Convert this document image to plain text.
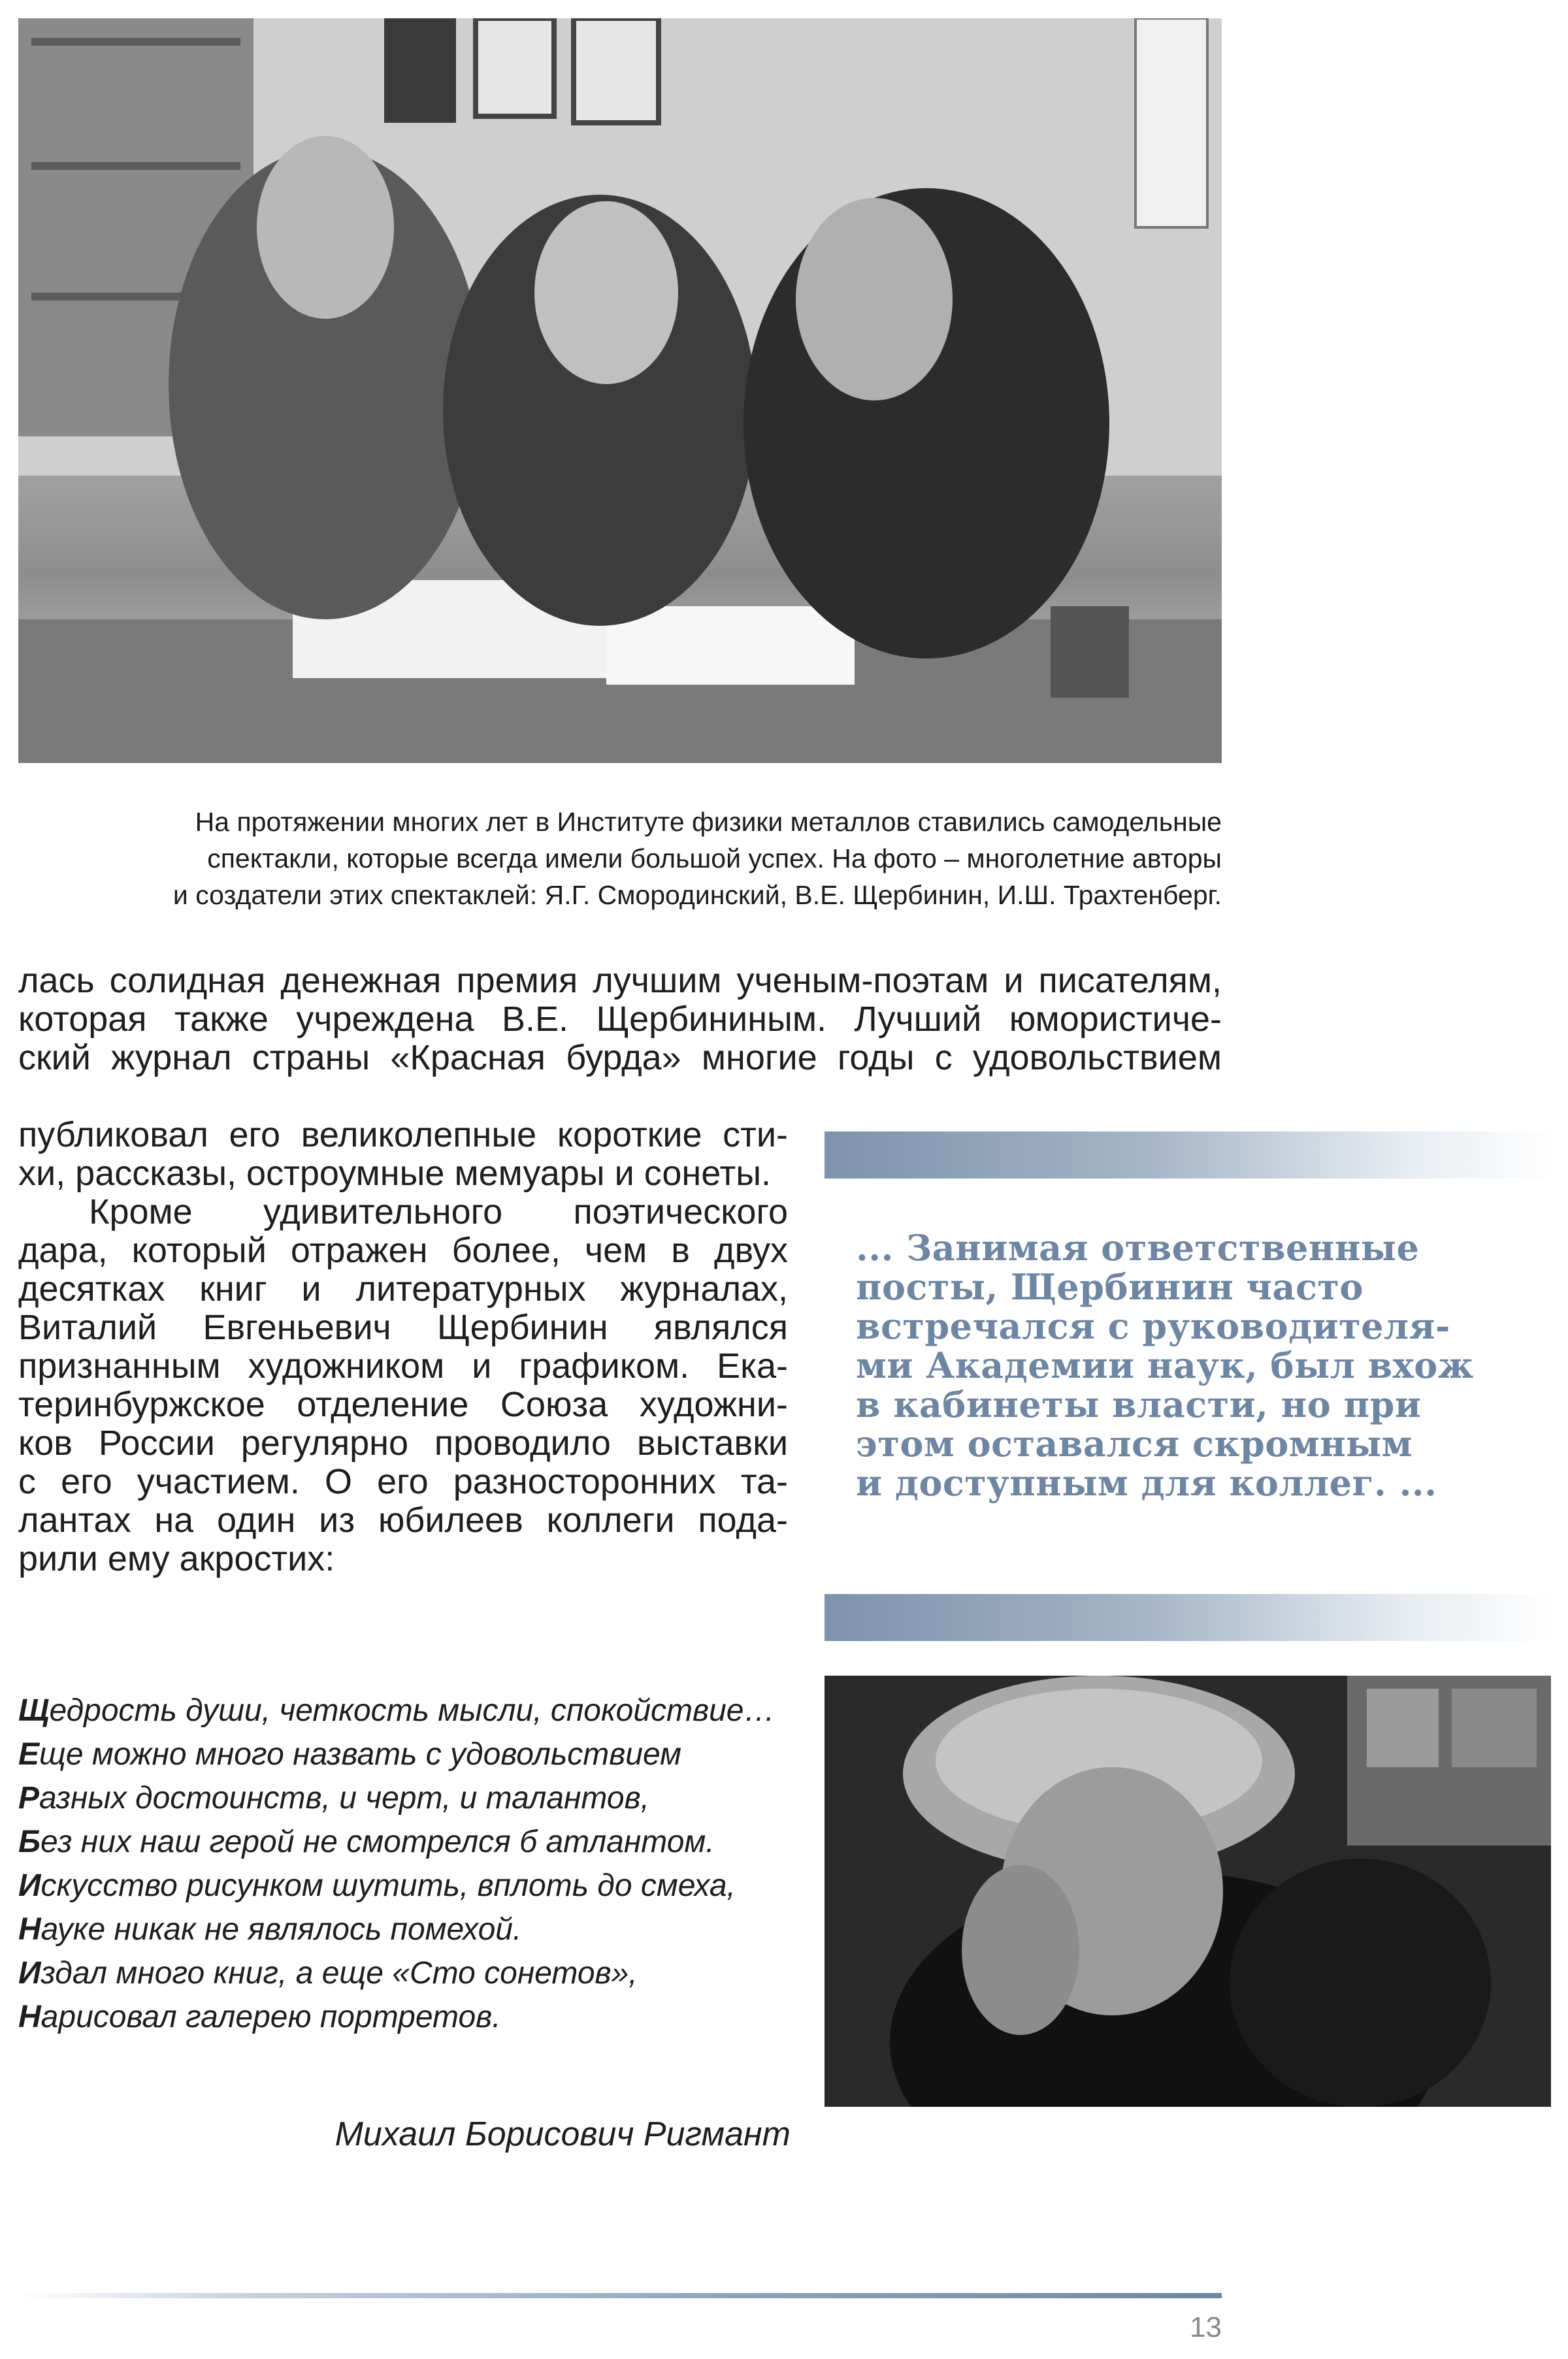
На протяжении многих лет в Институте физики металлов ставились самодельные
спектакли, которые всегда имели большой успех. На фото – многолетние авторы
и создатели этих спектаклей: Я.Г. Смородинский, В.Е. Щербинин, И.Ш. Трахтенберг.
лась солидная денежная премия лучшим ученым-поэтам и писателям,
которая также учреждена В.Е. Щербининым. Лучший юмористиче-
ский журнал страны «Красная бурда» многие годы с удовольствием
публиковал его великолепные короткие сти-
хи, рассказы, остроумные мемуары и сонеты.
Кроме удивительного поэтического
дара, который отражен более, чем в двух
десятках книг и литературных журналах,
Виталий Евгеньевич Щербинин являлся
признанным художником и графиком. Ека-
теринбуржское отделение Союза художни-
ков России регулярно проводило выставки
с его участием. О его разносторонних та-
лантах на один из юбилеев коллеги пода-
рили ему акростих:
... Занимая ответственные
посты, Щербинин часто
встречался с руководителя-
ми Академии наук, был вхож
в кабинеты власти, но при
этом оставался скромным
и доступным для коллег. ...
Щедрость души, четкость мысли, спокойствие…
Еще можно много назвать с удовольствием
Разных достоинств, и черт, и талантов,
Без них наш герой не смотрелся б атлантом.
Искусство рисунком шутить, вплоть до смеха,
Науке никак не являлось помехой.
Издал много книг, а еще «Сто сонетов»,
Нарисовал галерею портретов.
Михаил Борисович Ригмант
13
